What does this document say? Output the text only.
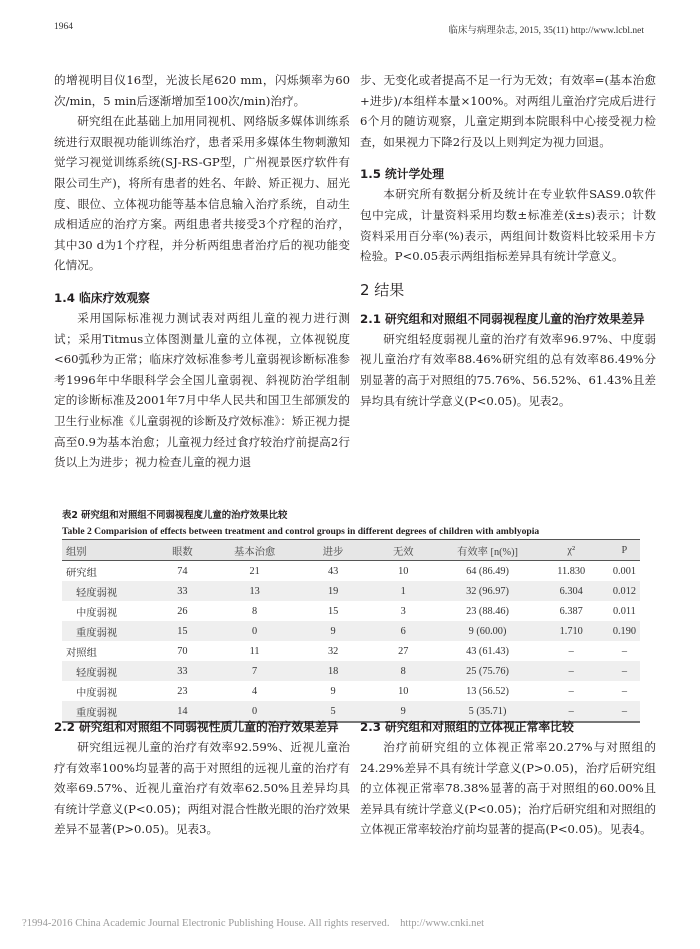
1964	临床与病理杂志, 2015, 35(11) http://www.lcbl.net

的增视明目仪16型，光波长尾620 mm，闪烁频率为60次/min，5 min后逐渐增加至100次/min)治疗。

研究组在此基础上加用同视机、网络版多媒体训练系统进行双眼视功能训练治疗，患者采用多媒体生物刺激知觉学习视觉训练系统(SJ-RS-GP型，广州视景医疗软件有限公司生产)，将所有患者的姓名、年龄、矫正视力、屈光度、眼位、立体视功能等基本信息输入治疗系统，自动生成相适应的治疗方案。两组患者共接受3个疗程的治疗，其中30 d为1个疗程，并分析两组患者治疗后的视功能变化情况。

1.4 临床疗效观察

采用国际标准视力测试表对两组儿童的视力进行测试；采用Titmus立体图测量儿童的立体视，立体视锐度<60弧秒为正常；临床疗效标准参考儿童弱视诊断标准参考1996年中华眼科学会全国儿童弱视、斜视防治学组制定的诊断标准及2001年7月中华人民共和国卫生部颁发的卫生行业标准《儿童弱视的诊断及疗效标准》：矫正视力提高至0.9为基本治愈；儿童视力经过食疗较治疗前提高2行货以上为进步；视力检查儿童的视力退

步、无变化或者提高不足一行为无效；有效率=(基本治愈+进步)/本组样本量×100%。对两组儿童治疗完成后进行6个月的随访观察，儿童定期到本院眼科中心接受视力检查，如果视力下降2行及以上则判定为视力回退。

1.5 统计学处理

本研究所有数据分析及统计在专业软件SAS9.0软件包中完成，计量资料采用均数±标准差(x̄±s)表示；计数资料采用百分率(%)表示，两组间计数资料比较采用卡方检验。P<0.05表示两组指标差异具有统计学意义。

2 结果

2.1 研究组和对照组不同弱视程度儿童的治疗效果差异

研究组轻度弱视儿童的治疗有效率96.97%、中度弱视儿童治疗有效率88.46%研究组的总有效率86.49%分别显著的高于对照组的75.76%、56.52%、61.43%且差异均具有统计学意义(P<0.05)。见表2。

表2 研究组和对照组不同弱视程度儿童的治疗效果比较

Table 2 Comparision of effects between treatment and control groups in different degrees of children with amblyopia

组别	眼数	基本治愈	进步	无效	有效率 [n(%)]	χ²	P
研究组	74	21	43	10	64 (86.49)	11.830	0.001
轻度弱视	33	13	19	1	32 (96.97)	6.304	0.012
中度弱视	26	8	15	3	23 (88.46)	6.387	0.011
重度弱视	15	0	9	6	9 (60.00)	1.710	0.190
对照组	70	11	32	27	43 (61.43)	–	–
轻度弱视	33	7	18	8	25 (75.76)	–	–
中度弱视	23	4	9	10	13 (56.52)	–	–
重度弱视	14	0	5	9	5 (35.71)	–	–

2.2 研究组和对照组不同弱视性质儿童的治疗效果差异

研究组远视儿童的治疗有效率92.59%、近视儿童治疗有效率100%均显著的高于对照组的远视儿童的治疗有效率69.57%、近视儿童治疗有效率62.50%且差异均具有统计学意义(P<0.05)；两组对混合性散光眼的治疗效果差异不显著(P>0.05)。见表3。

2.3 研究组和对照组的立体视正常率比较

治疗前研究组的立体视正常率20.27%与对照组的24.29%差异不具有统计学意义(P>0.05)，治疗后研究组的立体视正常率78.38%显著的高于对照组的60.00%且差异具有统计学意义(P<0.05)；治疗后研究组和对照组的立体视正常率较治疗前均显著的提高(P<0.05)。见表4。

?1994-2016 China Academic Journal Electronic Publishing House. All rights reserved.    http://www.cnki.net
